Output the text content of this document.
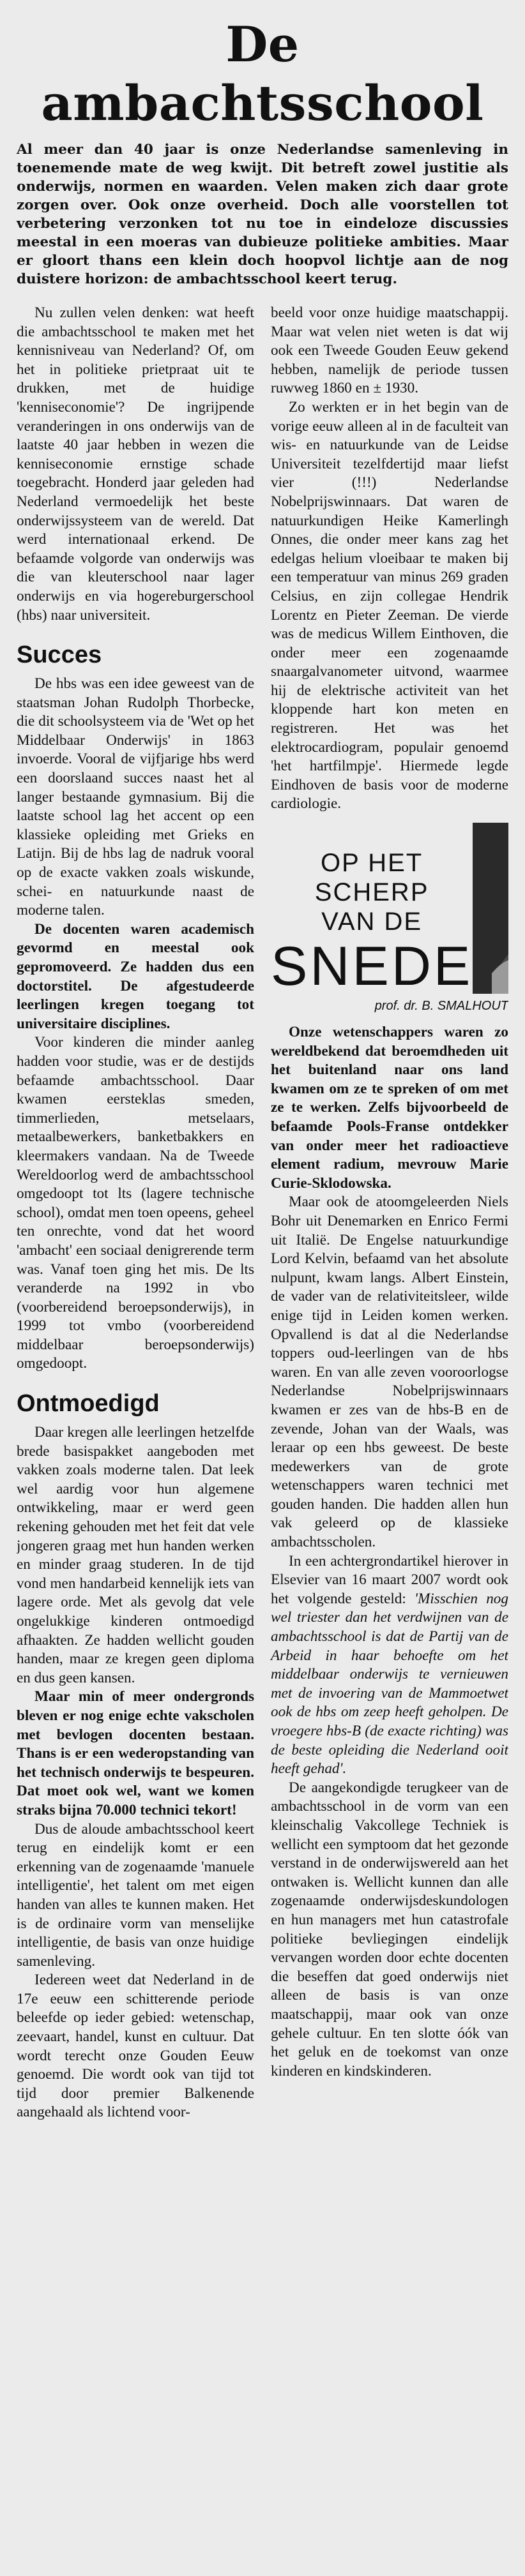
De ambachtsschool

Al meer dan 40 jaar is onze Nederlandse samenleving in toenemende mate de weg kwijt. Dit betreft zowel justitie als onderwijs, normen en waarden. Velen maken zich daar grote zorgen over. Ook onze overheid. Doch alle voorstellen tot verbetering verzonken tot nu toe in eindeloze discussies meestal in een moeras van dubieuze politieke ambities. Maar er gloort thans een klein doch hoopvol lichtje aan de nog duistere horizon: de ambachtsschool keert terug.

Nu zullen velen denken: wat heeft die ambachtsschool te maken met het kennisniveau van Nederland? Of, om het in politieke prietpraat uit te drukken, met de huidige 'kenniseconomie'? De ingrijpende veranderingen in ons onderwijs van de laatste 40 jaar hebben in wezen die kenniseconomie ernstige schade toegebracht. Honderd jaar geleden had Nederland vermoedelijk het beste onderwijssysteem van de wereld. Dat werd internationaal erkend. De befaamde volgorde van onderwijs was die van kleuterschool naar lager onderwijs en via hogereburgerschool (hbs) naar universiteit.

Succes

De hbs was een idee geweest van de staatsman Johan Rudolph Thorbecke, die dit schoolsysteem via de 'Wet op het Middelbaar Onderwijs' in 1863 invoerde. Vooral de vijfjarige hbs werd een doorslaand succes naast het al langer bestaande gymnasium. Bij die laatste school lag het accent op een klassieke opleiding met Grieks en Latijn. Bij de hbs lag de nadruk vooral op de exacte vakken zoals wiskunde, schei- en natuurkunde naast de moderne talen.

De docenten waren academisch gevormd en meestal ook gepromoveerd. Ze hadden dus een doctorstitel. De afgestudeerde leerlingen kregen toegang tot universitaire disciplines.

Voor kinderen die minder aanleg hadden voor studie, was er de destijds befaamde ambachtsschool. Daar kwamen eersteklas smeden, timmerlieden, metselaars, metaalbewerkers, banketbakkers en kleermakers vandaan. Na de Tweede Wereldoorlog werd de ambachtsschool omgedoopt tot lts (lagere technische school), omdat men toen opeens, geheel ten onrechte, vond dat het woord 'ambacht' een sociaal denigrerende term was. Vanaf toen ging het mis. De lts veranderde na 1992 in vbo (voorbereidend beroepsonderwijs), in 1999 tot vmbo (voorbereidend middelbaar beroepsonderwijs) omgedoopt.

Ontmoedigd

Daar kregen alle leerlingen hetzelfde brede basispakket aangeboden met vakken zoals moderne talen. Dat leek wel aardig voor hun algemene ontwikkeling, maar er werd geen rekening gehouden met het feit dat vele jongeren graag met hun handen werken en minder graag studeren. In de tijd vond men handarbeid kennelijk iets van lagere orde. Met als gevolg dat vele ongelukkige kinderen ontmoedigd afhaakten. Ze hadden wellicht gouden handen, maar ze kregen geen diploma en dus geen kansen.

Maar min of meer ondergronds bleven er nog enige echte vakscholen met bevlogen docenten bestaan. Thans is er een wederopstanding van het technisch onderwijs te bespeuren. Dat moet ook wel, want we komen straks bijna 70.000 technici tekort!

Dus de aloude ambachtsschool keert terug en eindelijk komt er een erkenning van de zogenaamde 'manuele intelligentie', het talent om met eigen handen van alles te kunnen maken. Het is de ordinaire vorm van menselijke intelligentie, de basis van onze huidige samenleving.

Iedereen weet dat Nederland in de 17e eeuw een schitterende periode beleefde op ieder gebied: wetenschap, zeevaart, handel, kunst en cultuur. Dat wordt terecht onze Gouden Eeuw genoemd. Die wordt ook van tijd tot tijd door premier Balkenende aangehaald als lichtend voor-

beeld voor onze huidige maatschappij. Maar wat velen niet weten is dat wij ook een Tweede Gouden Eeuw gekend hebben, namelijk de periode tussen ruwweg 1860 en ± 1930.

Zo werkten er in het begin van de vorige eeuw alleen al in de faculteit van wis- en natuurkunde van de Leidse Universiteit tezelfdertijd maar liefst vier (!!!) Nederlandse Nobelprijswinnaars. Dat waren de natuurkundigen Heike Kamerlingh Onnes, die onder meer kans zag het edelgas helium vloeibaar te maken bij een temperatuur van minus 269 graden Celsius, en zijn collegae Hendrik Lorentz en Pieter Zeeman. De vierde was de medicus Willem Einthoven, die onder meer een zogenaamde snaargalvanometer uitvond, waarmee hij de elektrische activiteit van het kloppende hart kon meten en registreren. Het was het elektrocardiogram, populair genoemd 'het hartfilmpje'. Hiermede legde Eindhoven de basis voor de moderne cardiologie.

OP HET
SCHERP
VAN DE
SNEDE
prof. dr. B. SMALHOUT

Onze wetenschappers waren zo wereldbekend dat beroemdheden uit het buitenland naar ons land kwamen om ze te spreken of om met ze te werken. Zelfs bijvoorbeeld de befaamde Pools-Franse ontdekker van onder meer het radioactieve element radium, mevrouw Marie Curie-Sklodowska.

Maar ook de atoomgeleerden Niels Bohr uit Denemarken en Enrico Fermi uit Italië. De Engelse natuurkundige Lord Kelvin, befaamd van het absolute nulpunt, kwam langs. Albert Einstein, de vader van de relativiteitsleer, wilde enige tijd in Leiden komen werken. Opvallend is dat al die Nederlandse toppers oud-leerlingen van de hbs waren. En van alle zeven vooroorlogse Nederlandse Nobelprijswinnaars kwamen er zes van de hbs-B en de zevende, Johan van der Waals, was leraar op een hbs geweest. De beste medewerkers van de grote wetenschappers waren technici met gouden handen. Die hadden allen hun vak geleerd op de klassieke ambachtsscholen.

In een achtergrondartikel hierover in Elsevier van 16 maart 2007 wordt ook het volgende gesteld: 'Misschien nog wel triester dan het verdwijnen van de ambachtsschool is dat de Partij van de Arbeid in haar behoefte om het middelbaar onderwijs te vernieuwen met de invoering van de Mammoetwet ook de hbs om zeep heeft geholpen. De vroegere hbs-B (de exacte richting) was de beste opleiding die Nederland ooit heeft gehad'.

De aangekondigde terugkeer van de ambachtsschool in de vorm van een kleinschalig Vakcollege Techniek is wellicht een symptoom dat het gezonde verstand in de onderwijswereld aan het ontwaken is. Wellicht kunnen dan alle zogenaamde onderwijsdeskundologen en hun managers met hun catastrofale politieke bevliegingen eindelijk vervangen worden door echte docenten die beseffen dat goed onderwijs niet alleen de basis is van onze maatschappij, maar ook van onze gehele cultuur. En ten slotte óók van het geluk en de toekomst van onze kinderen en kindskinderen.
